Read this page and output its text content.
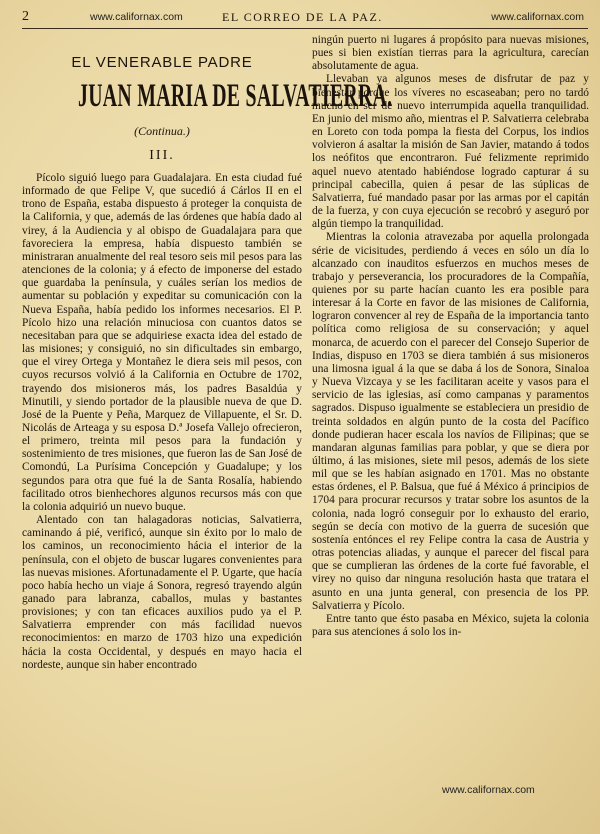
2	www.californax.com	EL CORREO DE LA PAZ.	www.californax.com
EL VENERABLE PADRE
JUAN MARIA DE SALVATIERRA.
(Continua.)
III.

Pícolo siguió luego para Guadalajara. En esta ciudad fué informado de que Felipe V, que sucedió á Cárlos II en el trono de España, estaba dispuesto á proteger la conquista de la California, y que, además de las órdenes que había dado al virey, á la Audiencia y al obispo de Guadalajara para que favoreciera la empresa, había dispuesto también se ministraran anualmente del real tesoro seis mil pesos para las atenciones de la colonia; y á efecto de imponerse del estado que guardaba la península, y cuáles serían los medios de aumentar su población y expeditar su comunicación con la Nueva España, había pedido los informes necesarios. El P. Pícolo hizo una relación minuciosa con cuantos datos se necesitaban para que se adquiriese exacta idea del estado de las misiones; y consiguió, no sin dificultades sin embargo, que el virey Ortega y Montañez le diera seis mil pesos, con cuyos recursos volvió á la California en Octubre de 1702, trayendo dos misioneros más, los padres Basaldúa y Minutili, y siendo portador de la plausible nueva de que D. José de la Puente y Peña, Marquez de Villapuente, el Sr. D. Nicolás de Arteaga y su esposa D.ª Josefa Vallejo ofrecieron, el primero, treinta mil pesos para la fundación y sostenimiento de tres misiones, que fueron las de San José de Comondú, La Purísima Concepción y Guadalupe; y los segundos para otra que fué la de Santa Rosalía, habiendo facilitado otros bienhechores algunos recursos más con que la colonia adquirió un nuevo buque.

Alentado con tan halagadoras noticias, Salvatierra, caminando á pié, verificó, aunque sin éxito por lo malo de los caminos, un reconocimiento hácia el interior de la península, con el objeto de buscar lugares convenientes para las nuevas misiones. Afortunadamente el P. Ugarte, que hacía poco había hecho un viaje á Sonora, regresó trayendo algún ganado para labranza, caballos, mulas y bastantes provisiones; y con tan eficaces auxilios pudo ya el P. Salvatierra emprender con más facilidad nuevos reconocimientos: en marzo de 1703 hizo una expedición hácia la costa Occidental, y después en mayo hacia el nordeste, aunque sin haber encontrado

ningún puerto ni lugares á propósito para nuevas misiones, pues si bien existían tierras para la agricultura, carecían absolutamente de agua.

Llevaban ya algunos meses de disfrutar de paz y bienestar porque los víveres no escaseaban; pero no tardó mucho en ser de nuevo interrumpida aquella tranquilidad. En junio del mismo año, mientras el P. Salvatierra celebraba en Loreto con toda pompa la fiesta del Corpus, los indios volvieron á asaltar la misión de San Javier, matando á todos los neófitos que encontraron. Fué felizmente reprimido aquel nuevo atentado habiéndose logrado capturar á su principal cabecilla, quien á pesar de las súplicas de Salvatierra, fué mandado pasar por las armas por el capitán de la fuerza, y con cuya ejecución se recobró y aseguró por algún tiempo la tranquilidad.

Mientras la colonia atravezaba por aquella prolongada série de vicisitudes, perdiendo á veces en sólo un día lo alcanzado con inauditos esfuerzos en muchos meses de trabajo y perseverancia, los procuradores de la Compañía, quienes por su parte hacían cuanto les era posible para interesar á la Corte en favor de las misiones de California, lograron convencer al rey de España de la importancia tanto política como religiosa de su conservación; y aquel monarca, de acuerdo con el parecer del Consejo Superior de Indias, dispuso en 1703 se diera también á sus misioneros una limosna igual á la que se daba á los de Sonora, Sinaloa y Nueva Vizcaya y se les facilitaran aceite y vasos para el servicio de las iglesias, así como campanas y paramentos sagrados. Dispuso igualmente se estableciera un presidio de treinta soldados en algún punto de la costa del Pacífico donde pudieran hacer escala los navíos de Filipinas; que se mandaran algunas familias para poblar, y que se diera por último, á las misiones, siete mil pesos, además de los siete mil que se les habían asignado en 1701. Mas no obstante estas órdenes, el P. Balsua, que fué á México á principios de 1704 para procurar recursos y tratar sobre los asuntos de la colonia, nada logró conseguir por lo exhausto del erario, según se decía con motivo de la guerra de sucesión que sostenía entónces el rey Felipe contra la casa de Austria y otras potencias aliadas, y aunque el parecer del fiscal para que se cumplieran las órdenes de la corte fué favorable, el virey no quiso dar ninguna resolución hasta que tratara el asunto en una junta general, con presencia de los PP. Salvatierra y Pícolo.

Entre tanto que ésto pasaba en México, sujeta la colonia para sus atenciones á solo los in-

www.californax.com
